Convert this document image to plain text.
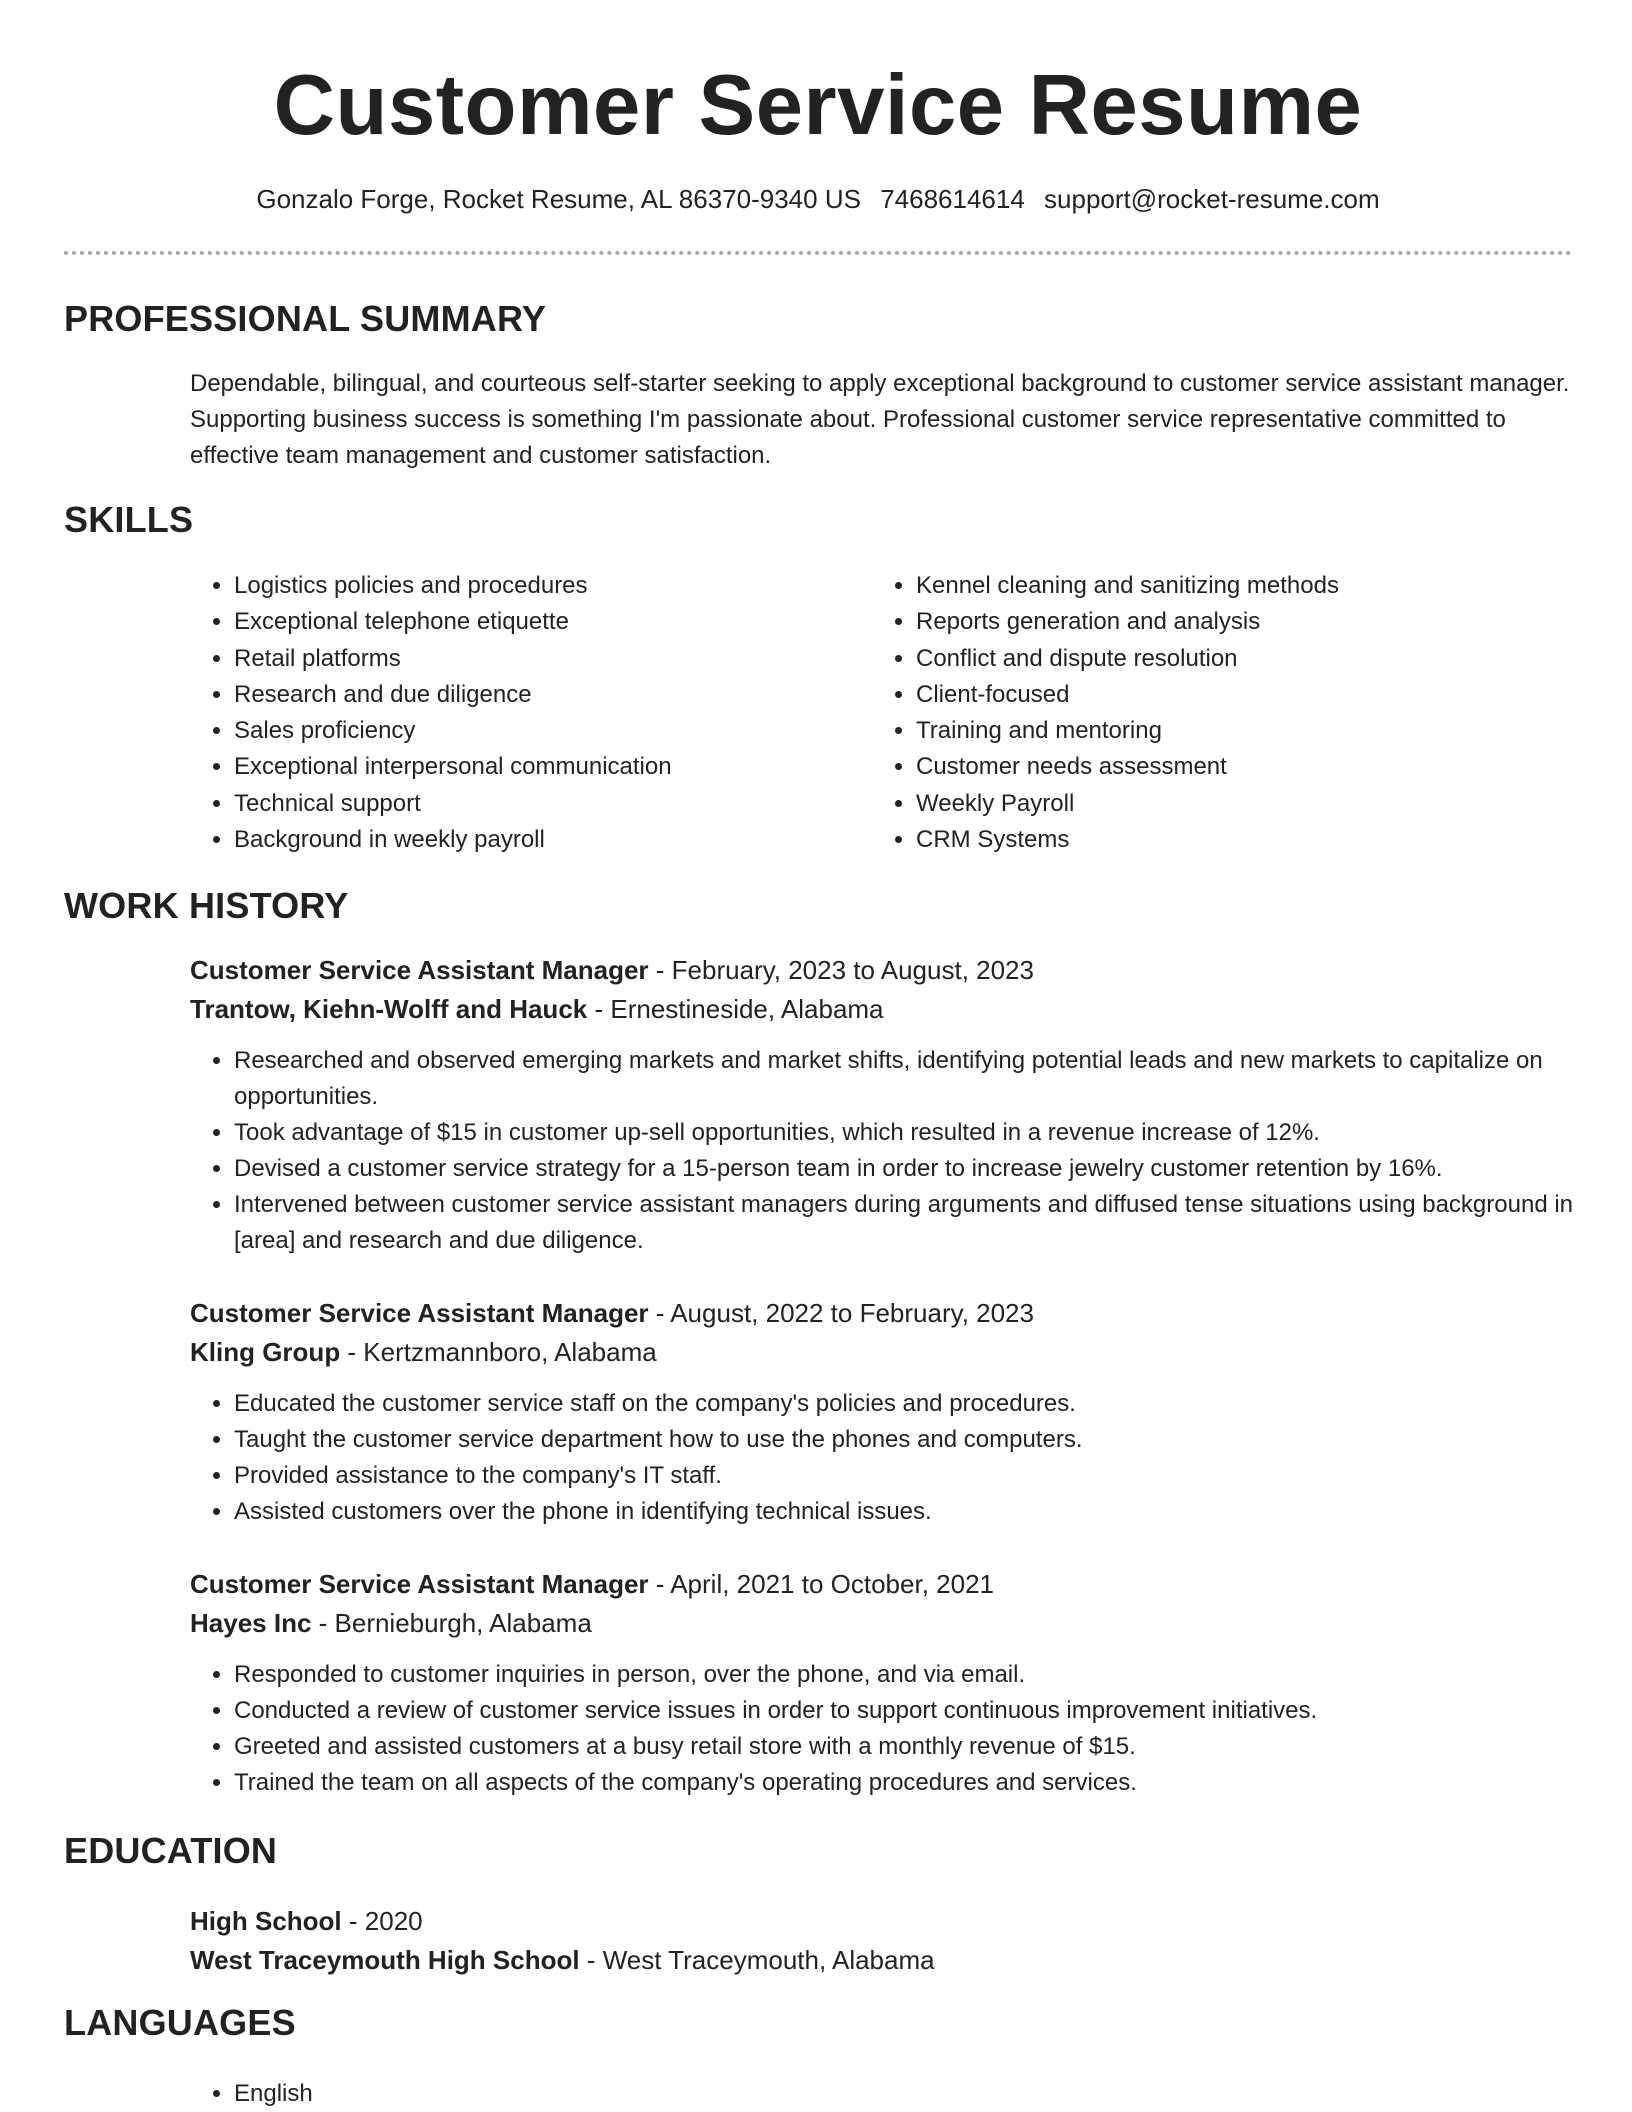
Customer Service Resume
Gonzalo Forge, Rocket Resume, AL 86370-9340 US 7468614614 support@rocket-resume.com
PROFESSIONAL SUMMARY

Dependable, bilingual, and courteous self-starter seeking to apply exceptional background to customer service assistant manager. Supporting business success is something I'm passionate about. Professional customer service representative committed to effective team management and customer satisfaction.

SKILLS
• Logistics policies and procedures
• Exceptional telephone etiquette
• Retail platforms
• Research and due diligence
• Sales proficiency
• Exceptional interpersonal communication
• Technical support
• Background in weekly payroll
• Kennel cleaning and sanitizing methods
• Reports generation and analysis
• Conflict and dispute resolution
• Client-focused
• Training and mentoring
• Customer needs assessment
• Weekly Payroll
• CRM Systems
WORK HISTORY
Customer Service Assistant Manager - February, 2023 to August, 2023
Trantow, Kiehn-Wolff and Hauck - Ernestineside, Alabama
• Researched and observed emerging markets and market shifts, identifying potential leads and new markets to capitalize on opportunities.
• Took advantage of $15 in customer up-sell opportunities, which resulted in a revenue increase of 12%.
• Devised a customer service strategy for a 15-person team in order to increase jewelry customer retention by 16%.
• Intervened between customer service assistant managers during arguments and diffused tense situations using background in [area] and research and due diligence.
Customer Service Assistant Manager - August, 2022 to February, 2023
Kling Group - Kertzmannboro, Alabama
• Educated the customer service staff on the company's policies and procedures.
• Taught the customer service department how to use the phones and computers.
• Provided assistance to the company's IT staff.
• Assisted customers over the phone in identifying technical issues.
Customer Service Assistant Manager - April, 2021 to October, 2021
Hayes Inc - Bernieburgh, Alabama
• Responded to customer inquiries in person, over the phone, and via email.
• Conducted a review of customer service issues in order to support continuous improvement initiatives.
• Greeted and assisted customers at a busy retail store with a monthly revenue of $15.
• Trained the team on all aspects of the company's operating procedures and services.
EDUCATION
High School - 2020
West Traceymouth High School - West Traceymouth, Alabama
LANGUAGES
• English
